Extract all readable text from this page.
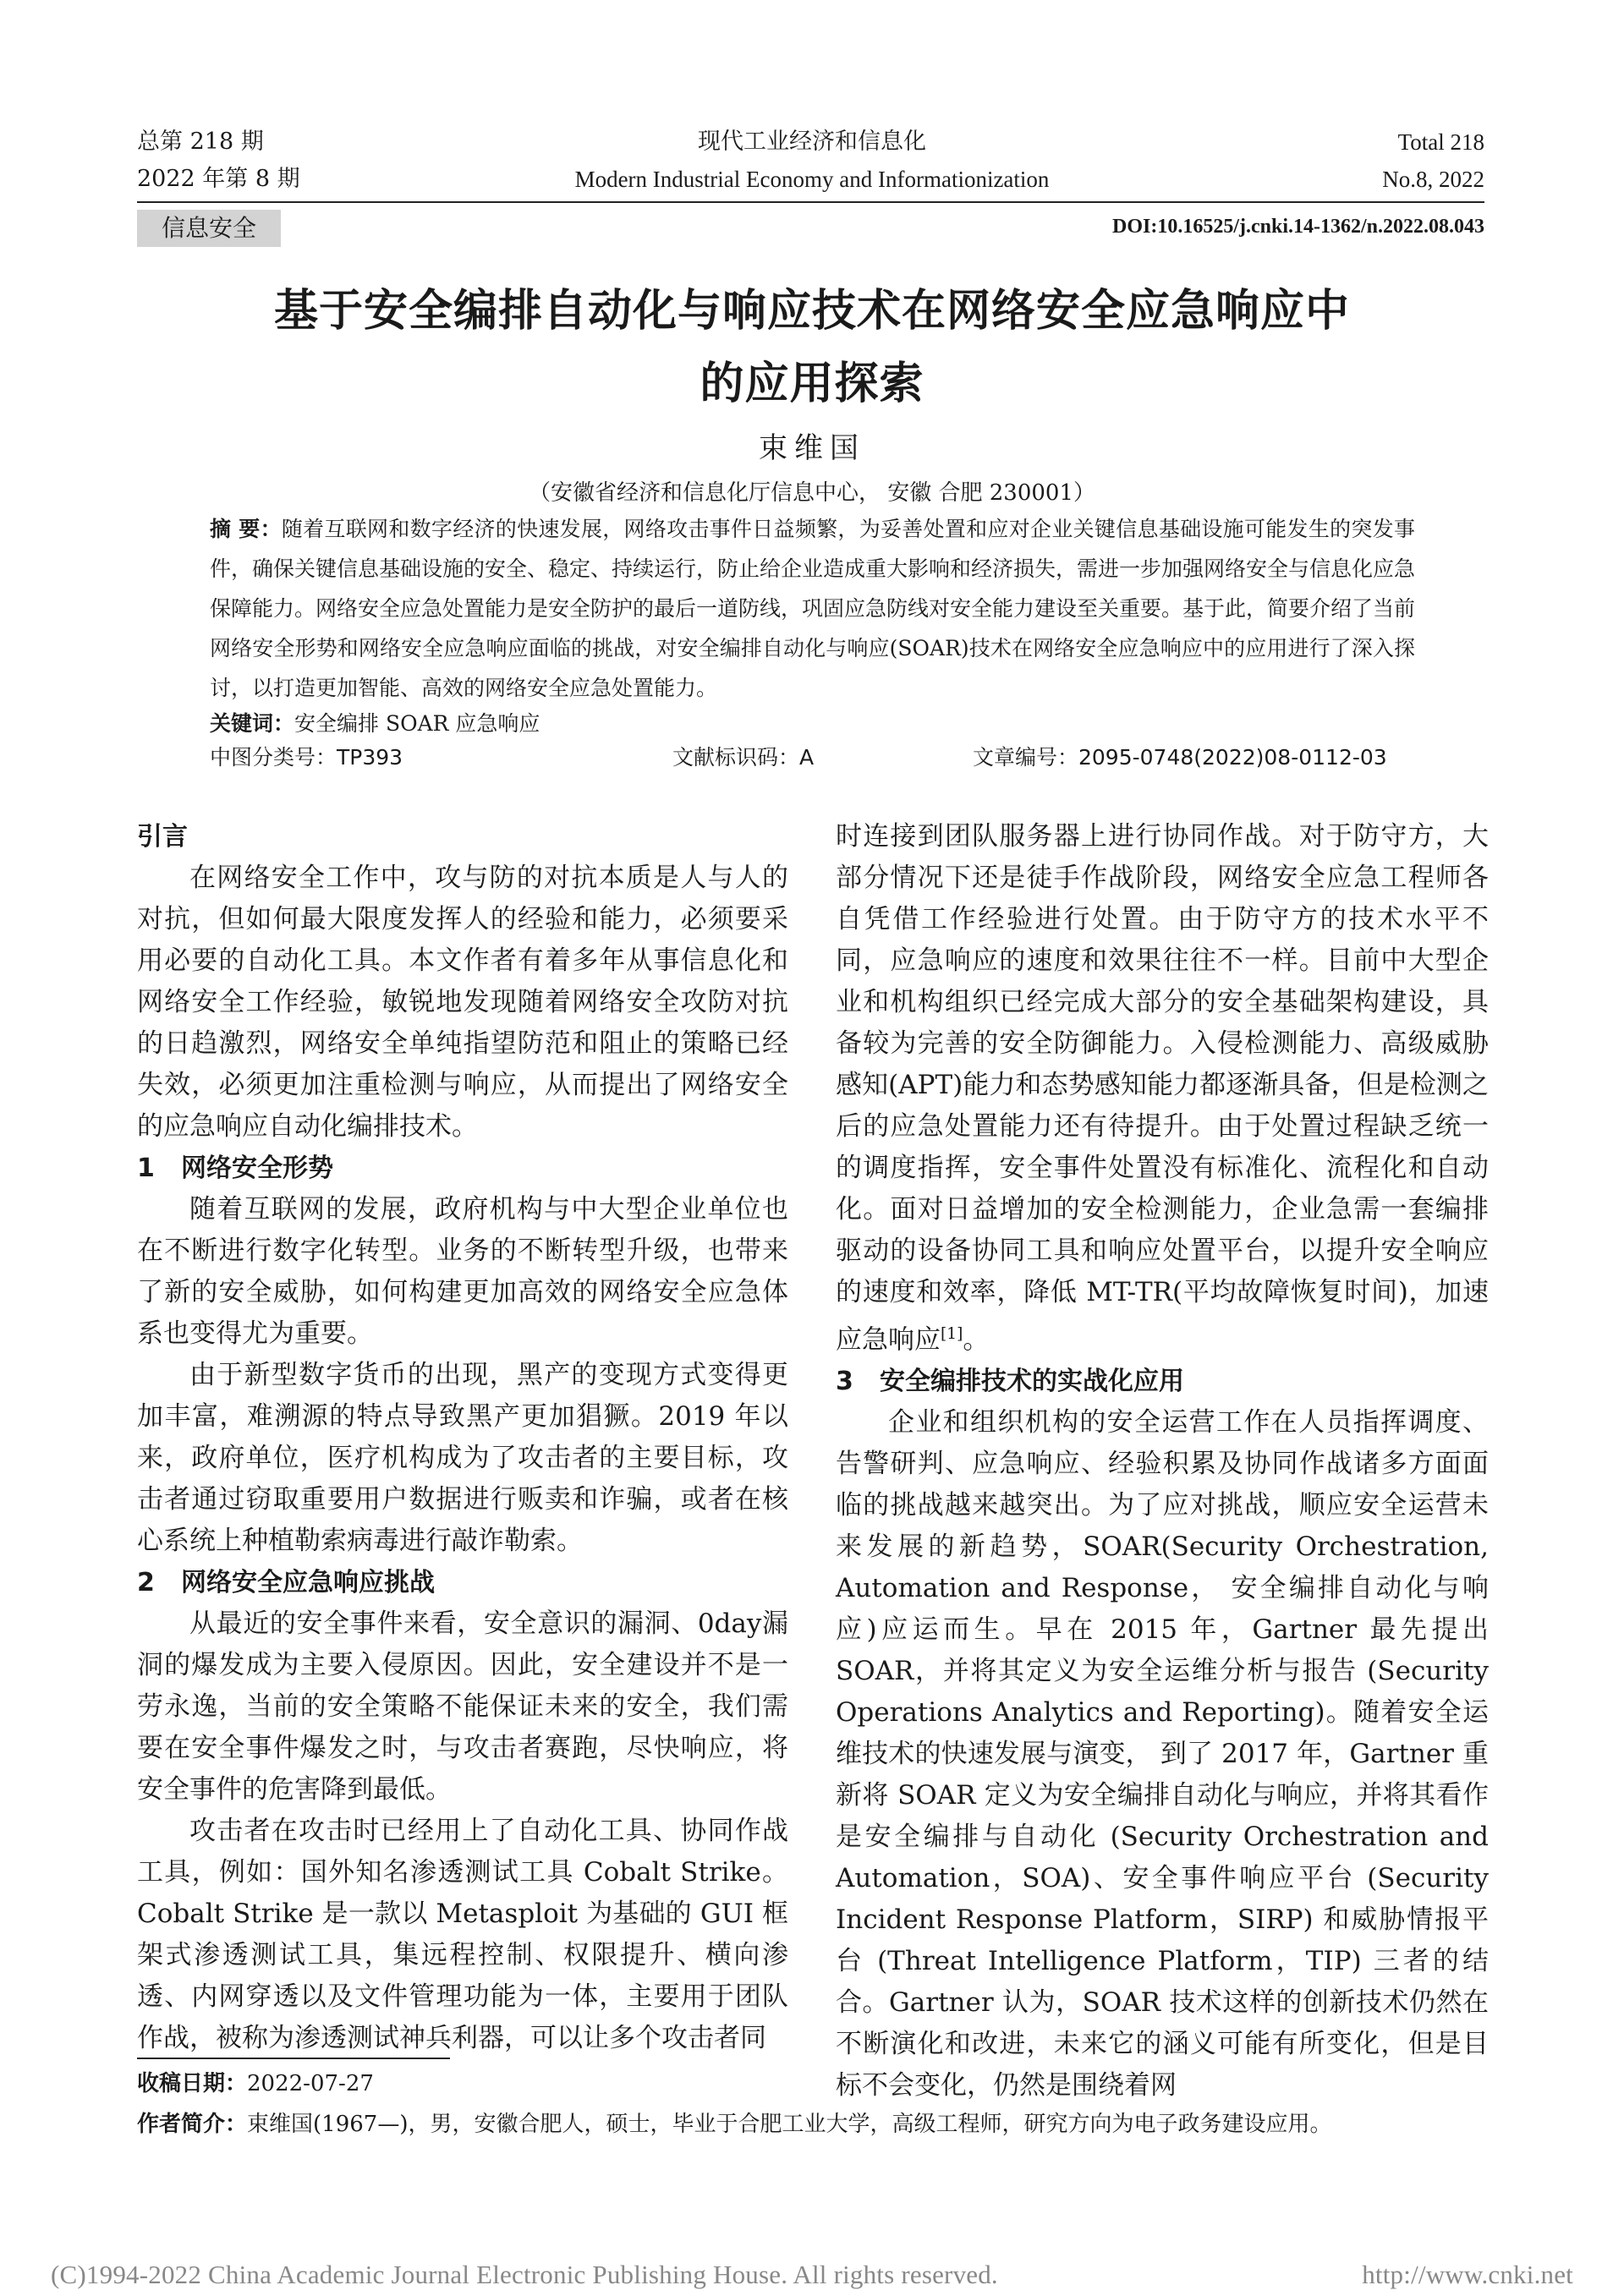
总第 218 期
2022 年第 8 期
现代工业经济和信息化
Modern Industrial Economy and Informationization
Total 218
No.8, 2022
信息安全	DOI:10.16525/j.cnki.14-1362/n.2022.08.043
基于安全编排自动化与响应技术在网络安全应急响应中
的应用探索
束维国
（安徽省经济和信息化厅信息中心， 安徽 合肥 230001）
摘 要：随着互联网和数字经济的快速发展，网络攻击事件日益频繁，为妥善处置和应对企业关键信息基础设施可能发生的突发事件，确保关键信息基础设施的安全、稳定、持续运行，防止给企业造成重大影响和经济损失，需进一步加强网络安全与信息化应急保障能力。网络安全应急处置能力是安全防护的最后一道防线，巩固应急防线对安全能力建设至关重要。基于此，简要介绍了当前网络安全形势和网络安全应急响应面临的挑战，对安全编排自动化与响应(SOAR)技术在网络安全应急响应中的应用进行了深入探讨，以打造更加智能、高效的网络安全应急处置能力。
关键词：安全编排 SOAR 应急响应
中图分类号：TP393	文献标识码：A	文章编号：2095-0748(2022)08-0112-03
引言

在网络安全工作中，攻与防的对抗本质是人与人的对抗，但如何最大限度发挥人的经验和能力，必须要采用必要的自动化工具。本文作者有着多年从事信息化和网络安全工作经验，敏锐地发现随着网络安全攻防对抗的日趋激烈，网络安全单纯指望防范和阻止的策略已经失效，必须更加注重检测与响应，从而提出了网络安全的应急响应自动化编排技术。

1 网络安全形势

随着互联网的发展，政府机构与中大型企业单位也在不断进行数字化转型。业务的不断转型升级，也带来了新的安全威胁，如何构建更加高效的网络安全应急体系也变得尤为重要。

由于新型数字货币的出现，黑产的变现方式变得更加丰富，难溯源的特点导致黑产更加猖獗。2019 年以来，政府单位，医疗机构成为了攻击者的主要目标，攻击者通过窃取重要用户数据进行贩卖和诈骗，或者在核心系统上种植勒索病毒进行敲诈勒索。

2 网络安全应急响应挑战

从最近的安全事件来看，安全意识的漏洞、0day漏洞的爆发成为主要入侵原因。因此，安全建设并不是一劳永逸，当前的安全策略不能保证未来的安全，我们需要在安全事件爆发之时，与攻击者赛跑，尽快响应，将安全事件的危害降到最低。

攻击者在攻击时已经用上了自动化工具、协同作战工具，例如：国外知名渗透测试工具 Cobalt Strike。Cobalt Strike 是一款以 Metasploit 为基础的 GUI 框架式渗透测试工具，集远程控制、权限提升、横向渗透、内网穿透以及文件管理功能为一体，主要用于团队作战，被称为渗透测试神兵利器，可以让多个攻击者同

时连接到团队服务器上进行协同作战。对于防守方，大部分情况下还是徒手作战阶段，网络安全应急工程师各自凭借工作经验进行处置。由于防守方的技术水平不同，应急响应的速度和效果往往不一样。目前中大型企业和机构组织已经完成大部分的安全基础架构建设，具备较为完善的安全防御能力。入侵检测能力、高级威胁感知(APT)能力和态势感知能力都逐渐具备，但是检测之后的应急处置能力还有待提升。由于处置过程缺乏统一的调度指挥，安全事件处置没有标准化、流程化和自动化。面对日益增加的安全检测能力，企业急需一套编排驱动的设备协同工具和响应处置平台，以提升安全响应的速度和效率，降低 MT-TR(平均故障恢复时间)，加速应急响应[1]。

3 安全编排技术的实战化应用

企业和组织机构的安全运营工作在人员指挥调度、告警研判、应急响应、经验积累及协同作战诸多方面面临的挑战越来越突出。为了应对挑战，顺应安全运营未来发展的新趋势，SOAR(Security Orchestration, Automation and Response， 安全编排自动化与响应)应运而生。早在 2015 年，Gartner 最先提出 SOAR，并将其定义为安全运维分析与报告 (Security Operations Analytics and Reporting)。随着安全运维技术的快速发展与演变， 到了 2017 年，Gartner 重新将 SOAR 定义为安全编排自动化与响应，并将其看作是安全编排与自动化 (Security Orchestration and Automation，SOA)、安全事件响应平台 (Security Incident Response Platform，SIRP) 和威胁情报平台 (Threat Intelligence Platform，TIP) 三者的结合。Gartner 认为，SOAR 技术这样的创新技术仍然在不断演化和改进，未来它的涵义可能有所变化，但是目标不会变化，仍然是围绕着网

收稿日期：2022-07-27
作者简介：束维国(1967—)，男，安徽合肥人，硕士，毕业于合肥工业大学，高级工程师，研究方向为电子政务建设应用。
(C)1994-2022 China Academic Journal Electronic Publishing House. All rights reserved.	http://www.cnki.net
